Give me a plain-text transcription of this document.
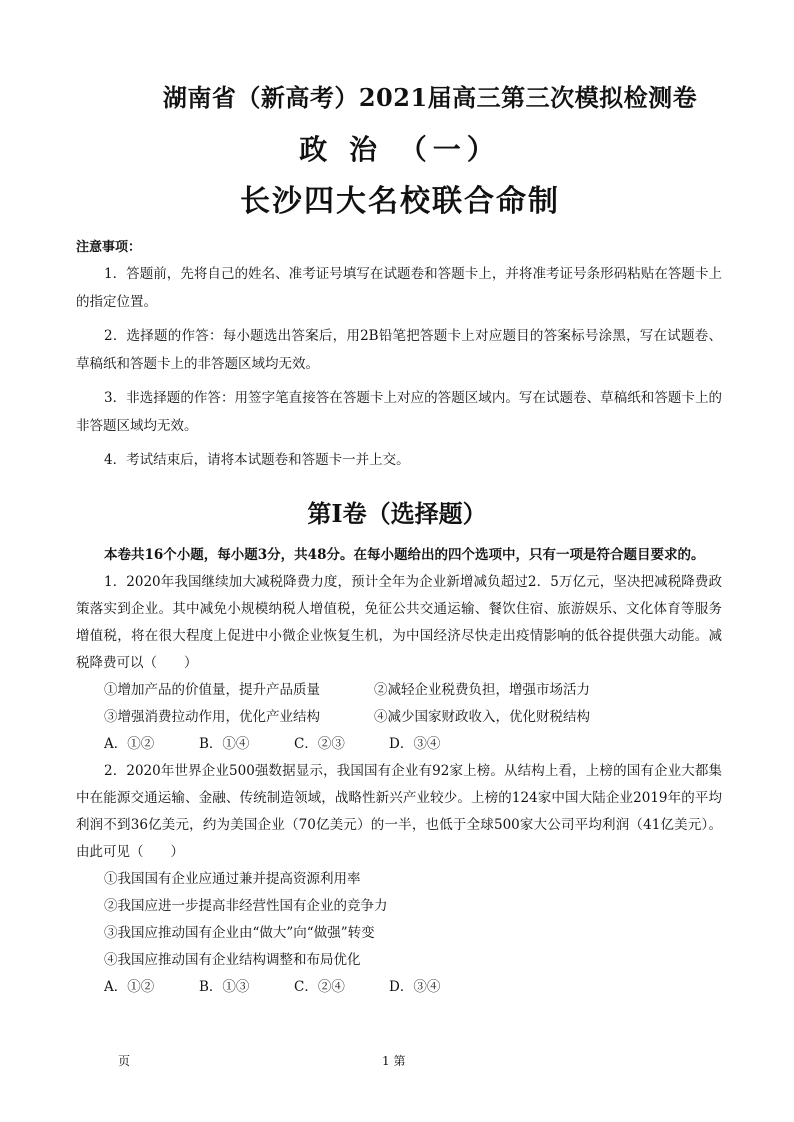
湖南省（新高考）2021届高三第三次模拟检测卷
政 治 （一）
长沙四大名校联合命制
注意事项：

1．答题前，先将自己的姓名、准考证号填写在试题卷和答题卡上，并将准考证号条形码粘贴在答题卡上的指定位置。

2．选择题的作答：每小题选出答案后，用2B铅笔把答题卡上对应题目的答案标号涂黑，写在试题卷、草稿纸和答题卡上的非答题区域均无效。

3．非选择题的作答：用签字笔直接答在答题卡上对应的答题区域内。写在试题卷、草稿纸和答题卡上的非答题区域均无效。

4．考试结束后，请将本试题卷和答题卡一并上交。

第Ⅰ卷（选择题）

本卷共16个小题，每小题3分，共48分。在每小题给出的四个选项中，只有一项是符合题目要求的。

1．2020年我国继续加大减税降费力度，预计全年为企业新增减负超过2．5万亿元，坚决把减税降费政策落实到企业。其中减免小规模纳税人增值税，免征公共交通运输、餐饮住宿、旅游娱乐、文化体育等服务增值税，将在很大程度上促进中小微企业恢复生机，为中国经济尽快走出疫情影响的低谷提供强大动能。减税降费可以（　　）

①增加产品的价值量，提升产品质量	②减轻企业税费负担，增强市场活力

③增强消费拉动作用，优化产业结构	④减少国家财政收入，优化财税结构

A．①②	B．①④	C．②③	D．③④

2．2020年世界企业500强数据显示，我国国有企业有92家上榜。从结构上看，上榜的国有企业大都集中在能源交通运输、金融、传统制造领域，战略性新兴产业较少。上榜的124家中国大陆企业2019年的平均利润不到36亿美元，约为美国企业（70亿美元）的一半，也低于全球500家大公司平均利润（41亿美元）。由此可见（　　）

①我国国有企业应通过兼并提高资源利用率

②我国应进一步提高非经营性国有企业的竞争力

③我国应推动国有企业由“做大”向“做强”转变

④我国应推动国有企业结构调整和布局优化

A．①②	B．①③	C．②④	D．③④

页	1 第
